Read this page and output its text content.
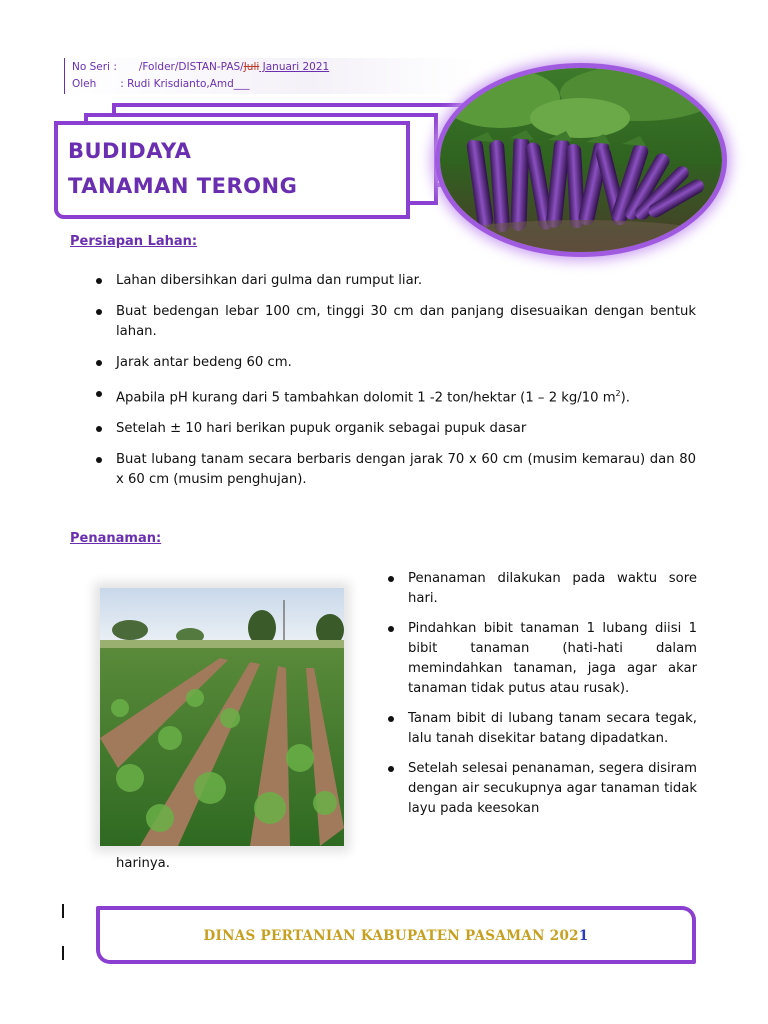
No Seri : /Folder/DISTAN-PAS/Juli Januari 2021
Oleh : Rudi Krisdianto,Amd___
BUDIDAYA
TANAMAN TERONG
Persiapan Lahan:
Lahan dibersihkan dari gulma dan rumput liar.
Buat bedengan lebar 100 cm, tinggi 30 cm dan panjang disesuaikan dengan bentuk lahan.
Jarak antar bedeng 60 cm.
Apabila pH kurang dari 5 tambahkan dolomit 1 -2 ton/hektar (1 – 2 kg/10 $m^2$).
Setelah ± 10 hari berikan pupuk organik sebagai pupuk dasar
Buat lubang tanam secara berbaris dengan jarak 70 x 60 cm (musim kemarau) dan 80 x 60 cm (musim penghujan).
Penanaman:
Penanaman dilakukan pada waktu sore hari.
Pindahkan bibit tanaman 1 lubang diisi 1 bibit tanaman (hati-hati dalam memindahkan tanaman, jaga agar akar tanaman tidak putus atau rusak).
Tanam bibit di lubang tanam secara tegak, lalu tanah disekitar batang dipadatkan.
Setelah selesai penanaman, segera disiram dengan air secukupnya agar tanaman tidak layu pada keesokan
harinya.
DINAS PERTANIAN KABUPATEN PASAMAN 2021
